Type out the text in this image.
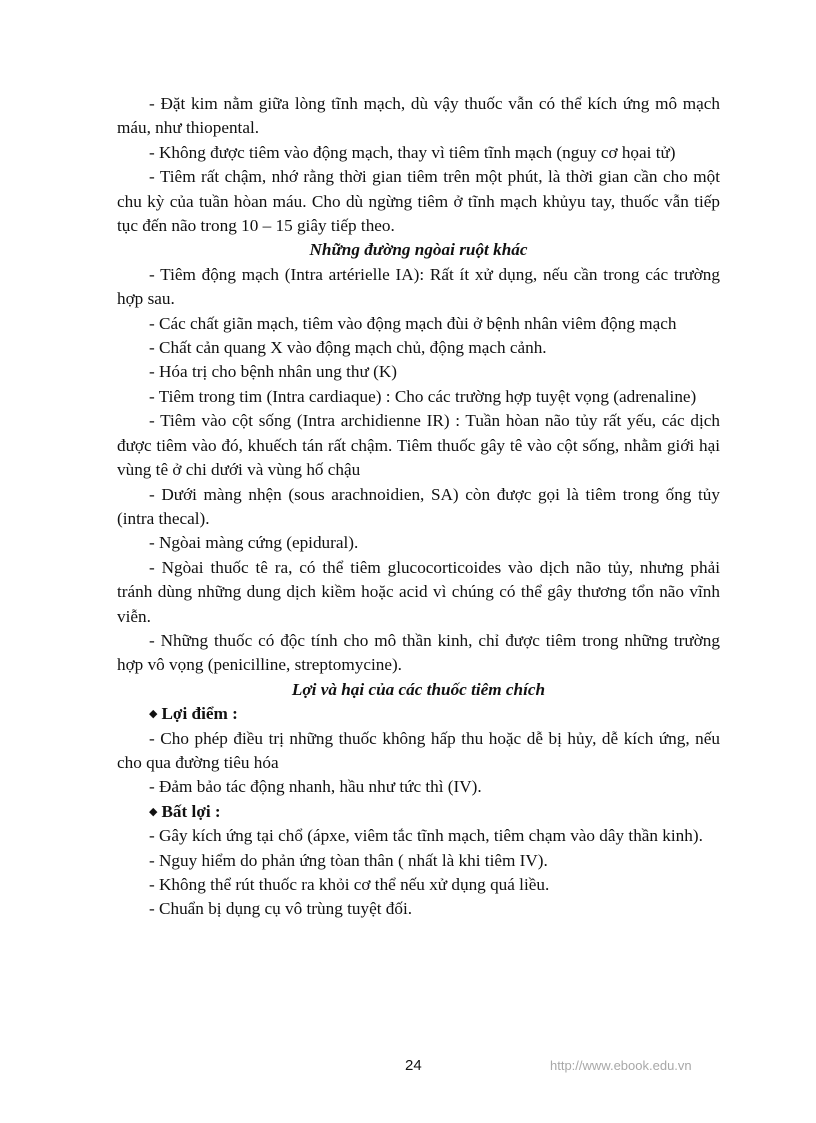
- Đặt kim nằm giữa lòng tĩnh mạch, dù vậy thuốc vẫn có thể kích ứng mô mạch máu, như thiopental.

- Không được tiêm vào động mạch, thay vì tiêm tĩnh mạch (nguy cơ họai tử)

- Tiêm rất chậm, nhớ rằng thời gian tiêm trên một phút, là thời gian cần cho một chu kỳ của tuần hòan máu. Cho dù ngừng tiêm ở tĩnh mạch khủyu tay, thuốc vẫn tiếp tục đến não trong 10 – 15 giây tiếp theo.

Những đường ngòai ruột khác

- Tiêm động mạch (Intra artérielle IA): Rất ít xử dụng, nếu cần trong các trường hợp sau.

- Các chất giãn mạch, tiêm vào động mạch đùi ở bệnh nhân viêm động mạch

- Chất cản quang X vào động mạch chủ, động mạch cảnh.

- Hóa trị cho bệnh nhân ung thư (K)

- Tiêm trong tim (Intra cardiaque) : Cho các trường hợp tuyệt vọng (adrenaline)

- Tiêm vào cột sống (Intra archidienne IR) : Tuần hòan não tủy rất yếu, các dịch được tiêm vào đó, khuếch tán rất chậm. Tiêm thuốc gây tê vào cột sống, nhằm giới hại vùng tê ở chi dưới và vùng hố chậu

- Dưới màng nhện (sous arachnoidien, SA) còn được gọi là tiêm trong ống tủy (intra thecal).

- Ngòai màng cứng (epidural).

- Ngòai thuốc tê ra, có thể tiêm glucocorticoides vào dịch não tủy, nhưng phải tránh dùng những dung dịch kiềm hoặc acid vì chúng có thể gây thương tổn não vĩnh viễn.

- Những thuốc có độc tính cho mô thần kinh, chỉ được tiêm trong những trường hợp vô vọng (penicilline, streptomycine).

Lợi và hại của các thuốc tiêm chích

◆ Lợi điểm :

- Cho phép điều trị những thuốc không hấp thu hoặc dễ bị hủy, dễ kích ứng, nếu cho qua đường tiêu hóa

- Đảm bảo tác động nhanh, hầu như tức thì (IV).

◆ Bất lợi :

- Gây kích ứng tại chổ (ápxe, viêm tắc tĩnh mạch, tiêm chạm vào dây thần kinh).

- Nguy hiểm do phản ứng tòan thân ( nhất là khi tiêm IV).

- Không thể rút thuốc ra khỏi cơ thể nếu xử dụng quá liều.

- Chuẩn bị dụng cụ vô trùng tuyệt đối.

24	http://www.ebook.edu.vn
